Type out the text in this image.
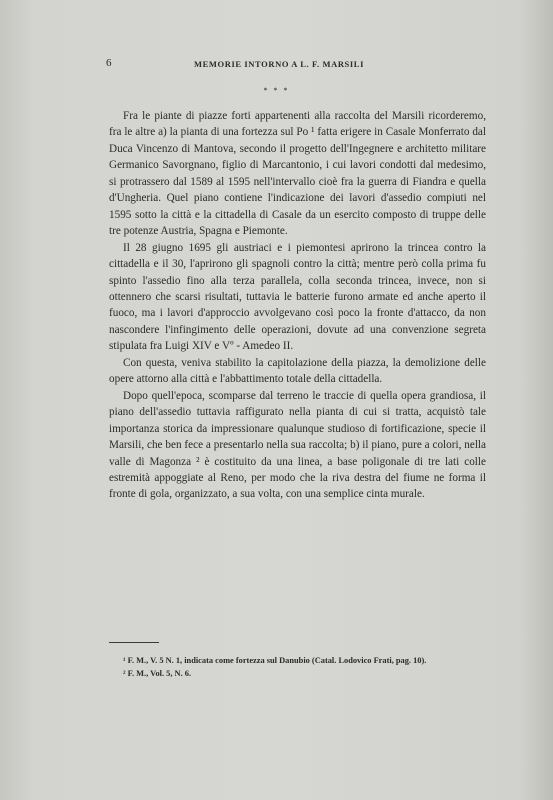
6	MEMORIE INTORNO A L. F. MARSILI
* * *

Fra le piante di piazze forti appartenenti alla raccolta del Marsili ricorderemo, fra le altre a) la pianta di una fortezza sul Po ¹ fatta erigere in Casale Monferrato dal Duca Vincenzo di Mantova, secondo il progetto dell'Ingegnere e architetto militare Germanico Savorgnano, figlio di Marcantonio, i cui lavori condotti dal medesimo, si protrassero dal 1589 al 1595 nell'intervallo cioè fra la guerra di Fiandra e quella d'Ungheria. Quel piano contiene l'indicazione dei lavori d'assedio compiuti nel 1595 sotto la città e la cittadella di Casale da un esercito composto di truppe delle tre potenze Austria, Spagna e Piemonte.

Il 28 giugno 1695 gli austriaci e i piemontesi aprirono la trincea contro la cittadella e il 30, l'aprirono gli spagnoli contro la città; mentre però colla prima fu spinto l'assedio fino alla terza parallela, colla seconda trincea, invece, non si ottennero che scarsi risultati, tuttavia le batterie furono armate ed anche aperto il fuoco, ma i lavori d'approccio avvolgevano così poco la fronte d'attacco, da non nascondere l'infingimento delle operazioni, dovute ad una convenzione segreta stipulata fra Luigi XIV e Vº - Amedeo II.

Con questa, veniva stabilito la capitolazione della piazza, la demolizione delle opere attorno alla città e l'abbattimento totale della cittadella.

Dopo quell'epoca, scomparse dal terreno le traccie di quella opera grandiosa, il piano dell'assedio tuttavia raffigurato nella pianta di cui si tratta, acquistò tale importanza storica da impressionare qualunque studioso di fortificazione, specie il Marsili, che ben fece a presentarlo nella sua raccolta; b) il piano, pure a colori, nella valle di Magonza ² è costituito da una linea, a base poligonale di tre lati colle estremità appoggiate al Reno, per modo che la riva destra del fiume ne forma il fronte di gola, organizzato, a sua volta, con una semplice cinta murale.

¹ F. M., V. 5 N. 1, indicata come fortezza sul Danubio (Catal. Lodovico Frati, pag. 10).

² F. M., Vol. 5, N. 6.
